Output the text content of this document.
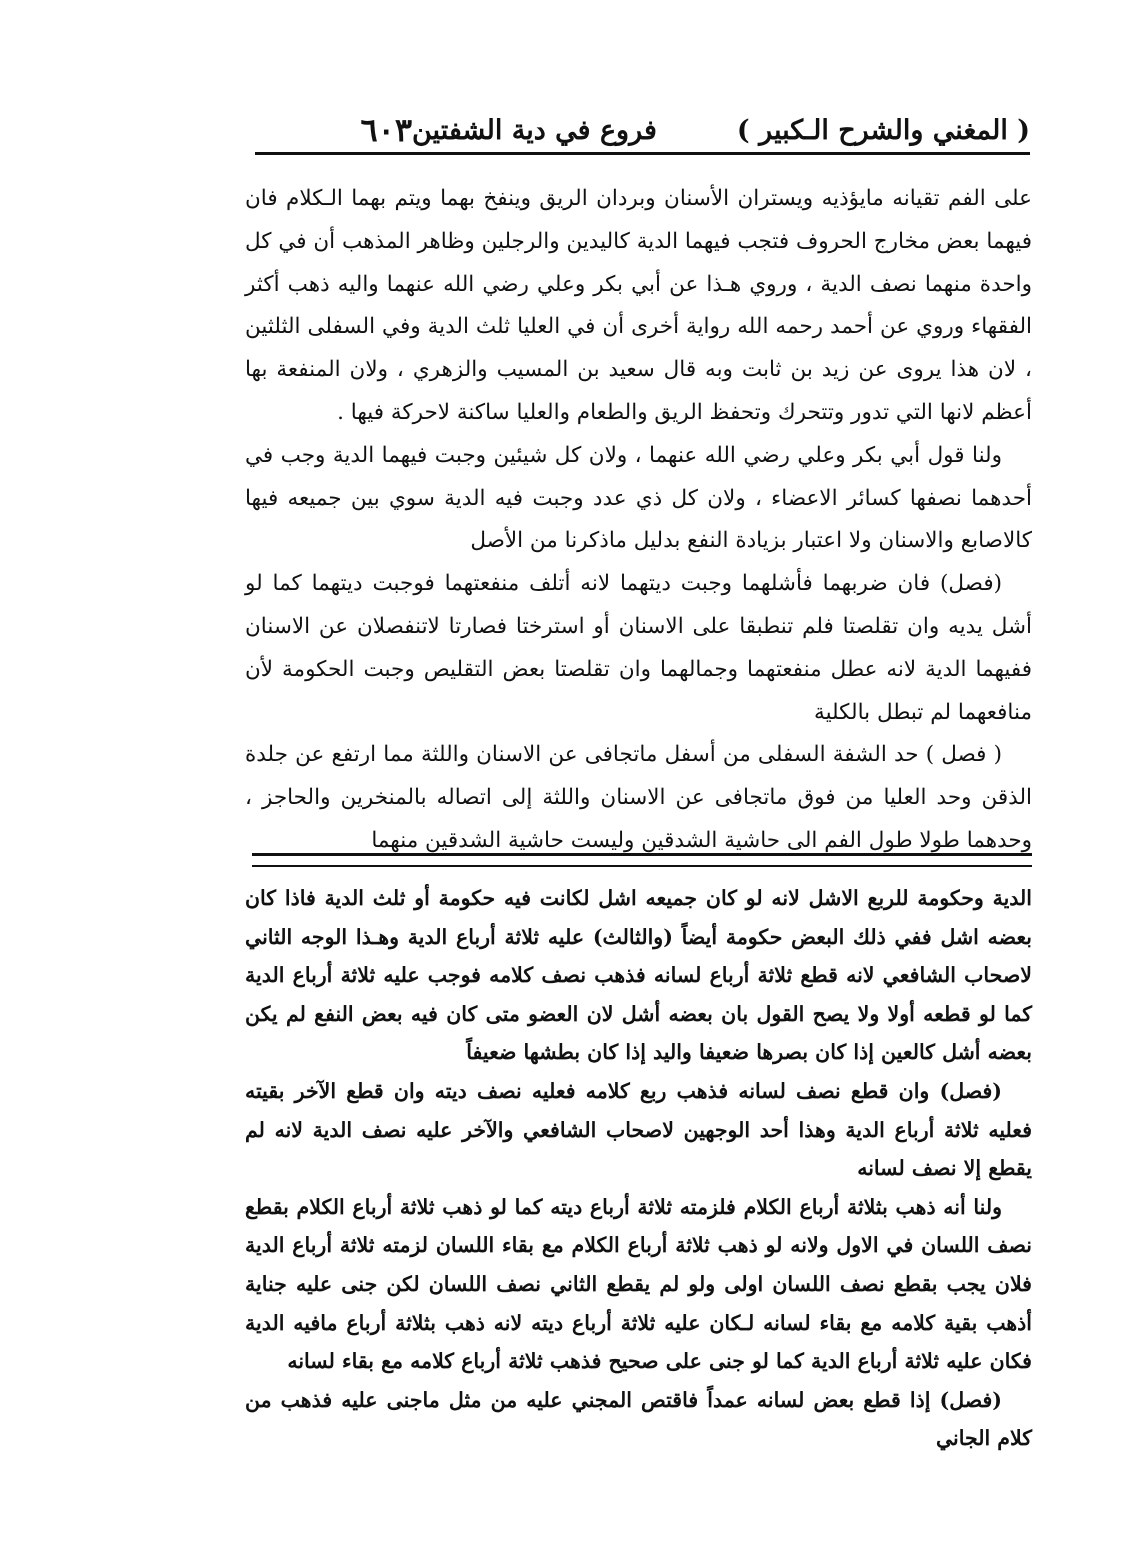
( المغني والشرح الـكبير )
فروع في دية الشفتين
٦٠٣

على الفم تقيانه مايؤذيه ويستران الأسنان وبردان الريق وينفخ بهما ويتم بهما الـكلام فان فيهما بعض مخارج الحروف فتجب فيهما الدية كاليدين والرجلين وظاهر المذهب أن في كل واحدة منهما نصف الدية ، وروي هـذا عن أبي بكر وعلي رضي الله عنهما واليه ذهب أكثر الفقهاء وروي عن أحمد رحمه الله رواية أخرى أن في العليا ثلث الدية وفي السفلى الثلثين ، لان هذا يروى عن زيد بن ثابت وبه قال سعيد بن المسيب والزهري ، ولان المنفعة بها أعظم لانها التي تدور وتتحرك وتحفظ الريق والطعام والعليا ساكنة لاحركة فيها .

ولنا قول أبي بكر وعلي رضي الله عنهما ، ولان كل شيئين وجبت فيهما الدية وجب في أحدهما نصفها كسائر الاعضاء ، ولان كل ذي عدد وجبت فيه الدية سوي بين جميعه فيها كالاصابع والاسنان ولا اعتبار بزيادة النفع بدليل ماذكرنا من الأصل

(فصل) فان ضربهما فأشلهما وجبت ديتهما لانه أتلف منفعتهما فوجبت ديتهما كما لو أشل يديه وان تقلصتا فلم تنطبقا على الاسنان أو استرختا فصارتا لاتنفصلان عن الاسنان ففيهما الدية لانه عطل منفعتهما وجمالهما وان تقلصتا بعض التقليص وجبت الحكومة لأن منافعهما لم تبطل بالكلية

( فصل ) حد الشفة السفلى من أسفل ماتجافى عن الاسنان واللثة مما ارتفع عن جلدة الذقن وحد العليا من فوق ماتجافى عن الاسنان واللثة إلى اتصاله بالمنخرين والحاجز ، وحدهما طولا طول الفم الى حاشية الشدقين وليست حاشية الشدقين منهما

الدية وحكومة للربع الاشل لانه لو كان جميعه اشل لكانت فيه حكومة أو ثلث الدية فاذا كان بعضه اشل ففي ذلك البعض حكومة أيضاً (والثالث) عليه ثلاثة أرباع الدية وهـذا الوجه الثاني لاصحاب الشافعي لانه قطع ثلاثة أرباع لسانه فذهب نصف كلامه فوجب عليه ثلاثة أرباع الدية كما لو قطعه أولا ولا يصح القول بان بعضه أشل لان العضو متى كان فيه بعض النفع لم يكن بعضه أشل كالعين إذا كان بصرها ضعيفا واليد إذا كان بطشها ضعيفاً

(فصل) وان قطع نصف لسانه فذهب ربع كلامه فعليه نصف ديته وان قطع الآخر بقيته فعليه ثلاثة أرباع الدية وهذا أحد الوجهين لاصحاب الشافعي والآخر عليه نصف الدية لانه لم يقطع إلا نصف لسانه

ولنا أنه ذهب بثلاثة أرباع الكلام فلزمته ثلاثة أرباع ديته كما لو ذهب ثلاثة أرباع الكلام بقطع نصف اللسان في الاول ولانه لو ذهب ثلاثة أرباع الكلام مع بقاء اللسان لزمته ثلاثة أرباع الدية فلان يجب بقطع نصف اللسان اولى ولو لم يقطع الثاني نصف اللسان لكن جنى عليه جناية أذهب بقية كلامه مع بقاء لسانه لـكان عليه ثلاثة أرباع ديته لانه ذهب بثلاثة أرباع مافيه الدية فكان عليه ثلاثة أرباع الدية كما لو جنى على صحيح فذهب ثلاثة أرباع كلامه مع بقاء لسانه

(فصل) إذا قطع بعض لسانه عمداً فاقتص المجني عليه من مثل ماجنى عليه فذهب من كلام الجاني
